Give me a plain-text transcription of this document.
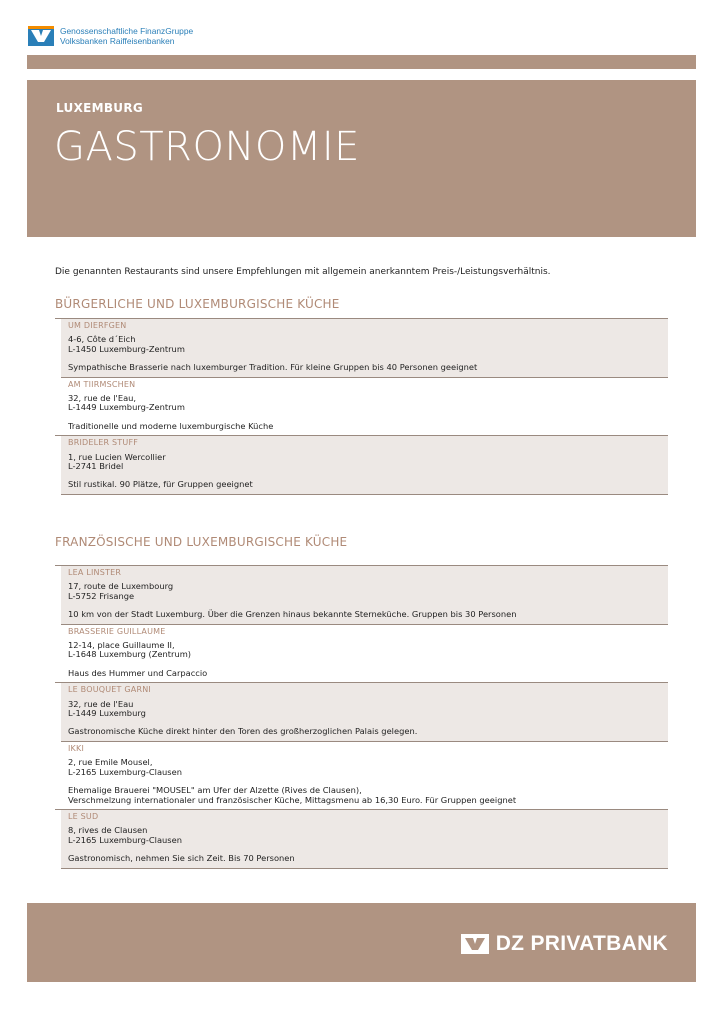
Genossenschaftliche FinanzGruppe
Volksbanken Raiffeisenbanken
LUXEMBURG
GASTRONOMIE
Die genannten Restaurants sind unsere Empfehlungen mit allgemein anerkanntem Preis-/Leistungsverhältnis.
BÜRGERLICHE UND LUXEMBURGISCHE KÜCHE
UM DIERFGEN
4-6, Côte d´Eich
L-1450 Luxemburg-Zentrum
Sympathische Brasserie nach luxemburger Tradition. Für kleine Gruppen bis 40 Personen geeignet
AM TIIRMSCHEN
32, rue de l'Eau,
L-1449 Luxemburg-Zentrum
Traditionelle und moderne luxemburgische Küche
BRIDELER STUFF
1, rue Lucien Wercollier
L-2741 Bridel
Stil rustikal. 90 Plätze, für Gruppen geeignet
FRANZÖSISCHE UND LUXEMBURGISCHE KÜCHE
LEA LINSTER
17, route de Luxembourg
L-5752 Frisange
10 km von der Stadt Luxemburg. Über die Grenzen hinaus bekannte Sterneküche. Gruppen bis 30 Personen
BRASSERIE GUILLAUME
12-14, place Guillaume II,
L-1648 Luxemburg (Zentrum)
Haus des Hummer und Carpaccio
LE BOUQUET GARNI
32, rue de l'Eau
L-1449 Luxemburg
Gastronomische Küche direkt hinter den Toren des großherzoglichen Palais gelegen.
IKKI
2, rue Emile Mousel,
L-2165 Luxemburg-Clausen
Ehemalige Brauerei "MOUSEL" am Ufer der Alzette (Rives de Clausen),
Verschmelzung internationaler und französischer Küche, Mittagsmenu ab 16,30 Euro. Für Gruppen geeignet
LE SUD
8, rives de Clausen
L-2165 Luxemburg-Clausen
Gastronomisch, nehmen Sie sich Zeit. Bis 70 Personen
DZ PRIVATBANK
